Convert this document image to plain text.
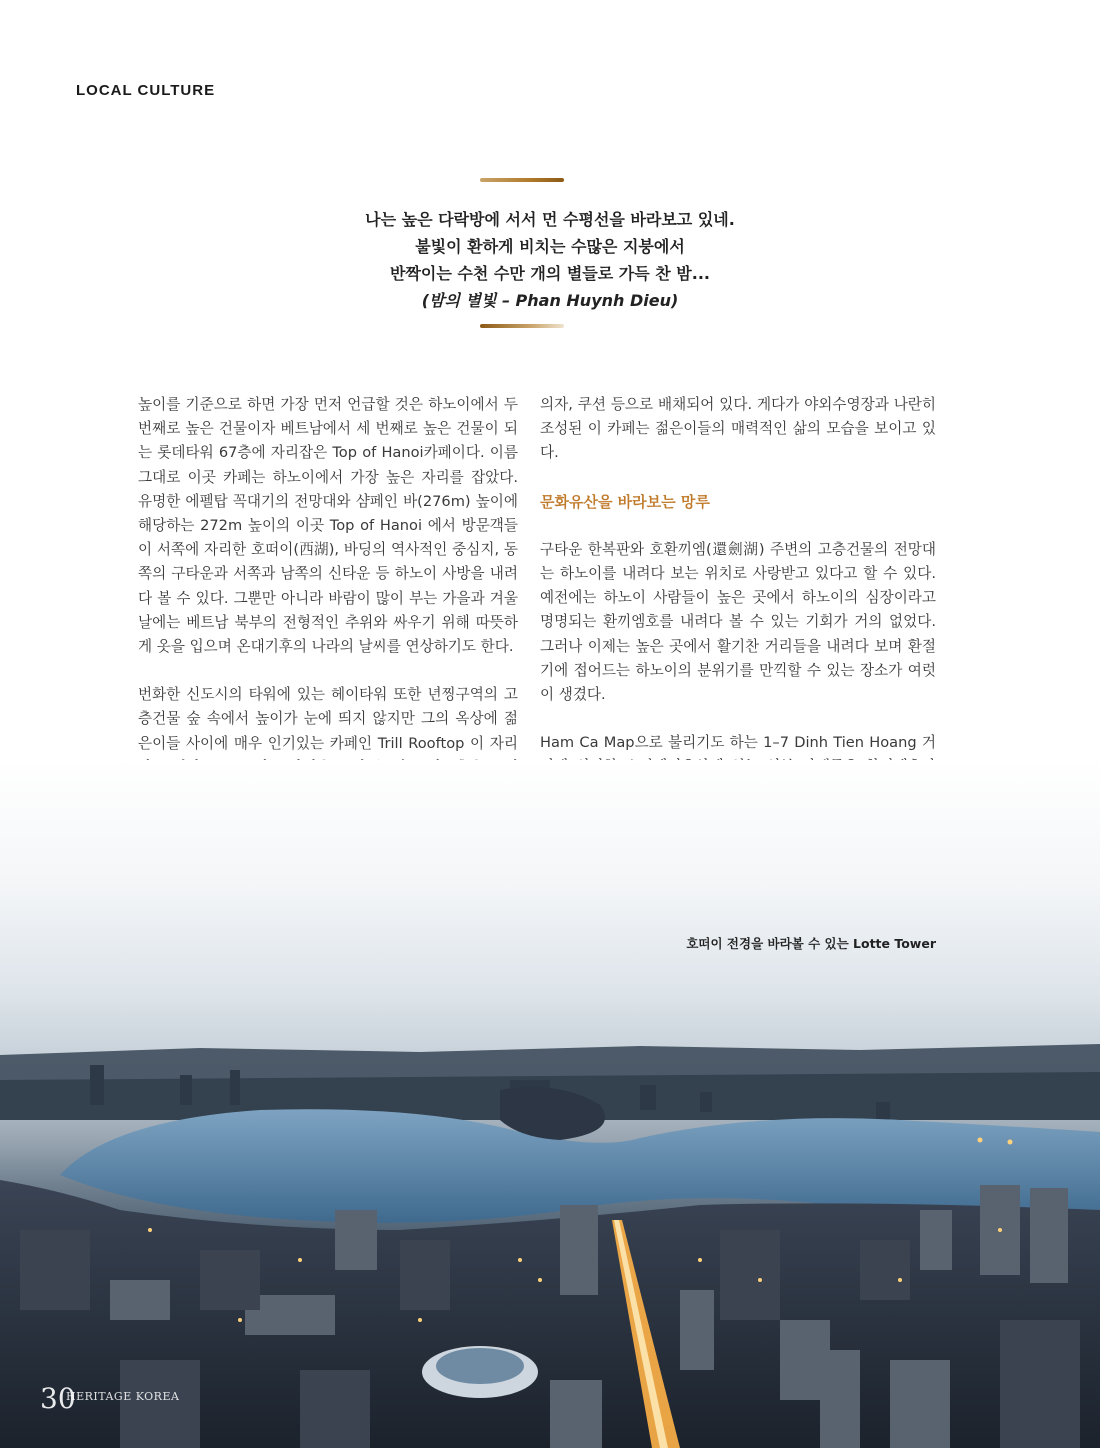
LOCAL CULTURE
나는 높은 다락방에 서서 먼 수평선을 바라보고 있네.
불빛이 환하게 비치는 수많은 지붕에서
반짝이는 수천 수만 개의 별들로 가득 찬 밤...
(밤의 별빛 – Phan Huynh Dieu)

높이를 기준으로 하면 가장 먼저 언급할 것은 하노이에서 두 번째로 높은 건물이자 베트남에서 세 번째로 높은 건물이 되는 롯데타워 67층에 자리잡은 Top of Hanoi카페이다. 이름 그대로 이곳 카페는 하노이에서 가장 높은 자리를 잡았다. 유명한 에펠탑 꼭대기의 전망대와 샴페인 바(276m) 높이에 해당하는 272m 높이의 이곳 Top of Hanoi 에서 방문객들이 서쪽에 자리한 호떠이(西湖), 바딩의 역사적인 중심지, 동쪽의 구타운과 서쪽과 남쪽의 신타운 등 하노이 사방을 내려다 볼 수 있다. 그뿐만 아니라 바람이 많이 부는 가을과 겨울 날에는 베트남 북부의 전형적인 추위와 싸우기 위해 따뜻하게 옷을 입으며 온대기후의 나라의 날씨를 연상하기도 한다.

번화한 신도시의 타워에 있는 헤이타워 또한 년찡구역의 고층건물 숲 속에서 높이가 눈에 띄지 않지만 그의 옥상에 젊은이들 사이에 매우 인기있는 카페인 Trill Rooftop 이 자리

의자, 쿠션 등으로 배채되어 있다. 게다가 야외수영장과 나란히 조성된 이 카페는 젊은이들의 매력적인 삶의 모습을 보이고 있다.

문화유산을 바라보는 망루

구타운 한복판와 호환끼엠(還劍湖) 주변의 고층건물의 전망대는 하노이를 내려다 보는 위치로 사랑받고 있다고 할 수 있다. 예전에는 하노이 사람들이 높은 곳에서 하노이의 심장이라고 명명되는 환끼엠호를 내려다 볼 수 있는 기회가 거의 없었다. 그러나 이제는 높은 곳에서 활기찬 거리들을 내려다 보며 환절기에 접어드는 하노이의 분위기를 만끽할 수 있는 장소가 여럿이 생겼다.

Ham Ca Map으로 불리기도 하는 1–7 Dinh Tien Hoang 거

호떠이 전경을 바라볼 수 있는 Lotte Tower
30
HERITAGE KOREA
